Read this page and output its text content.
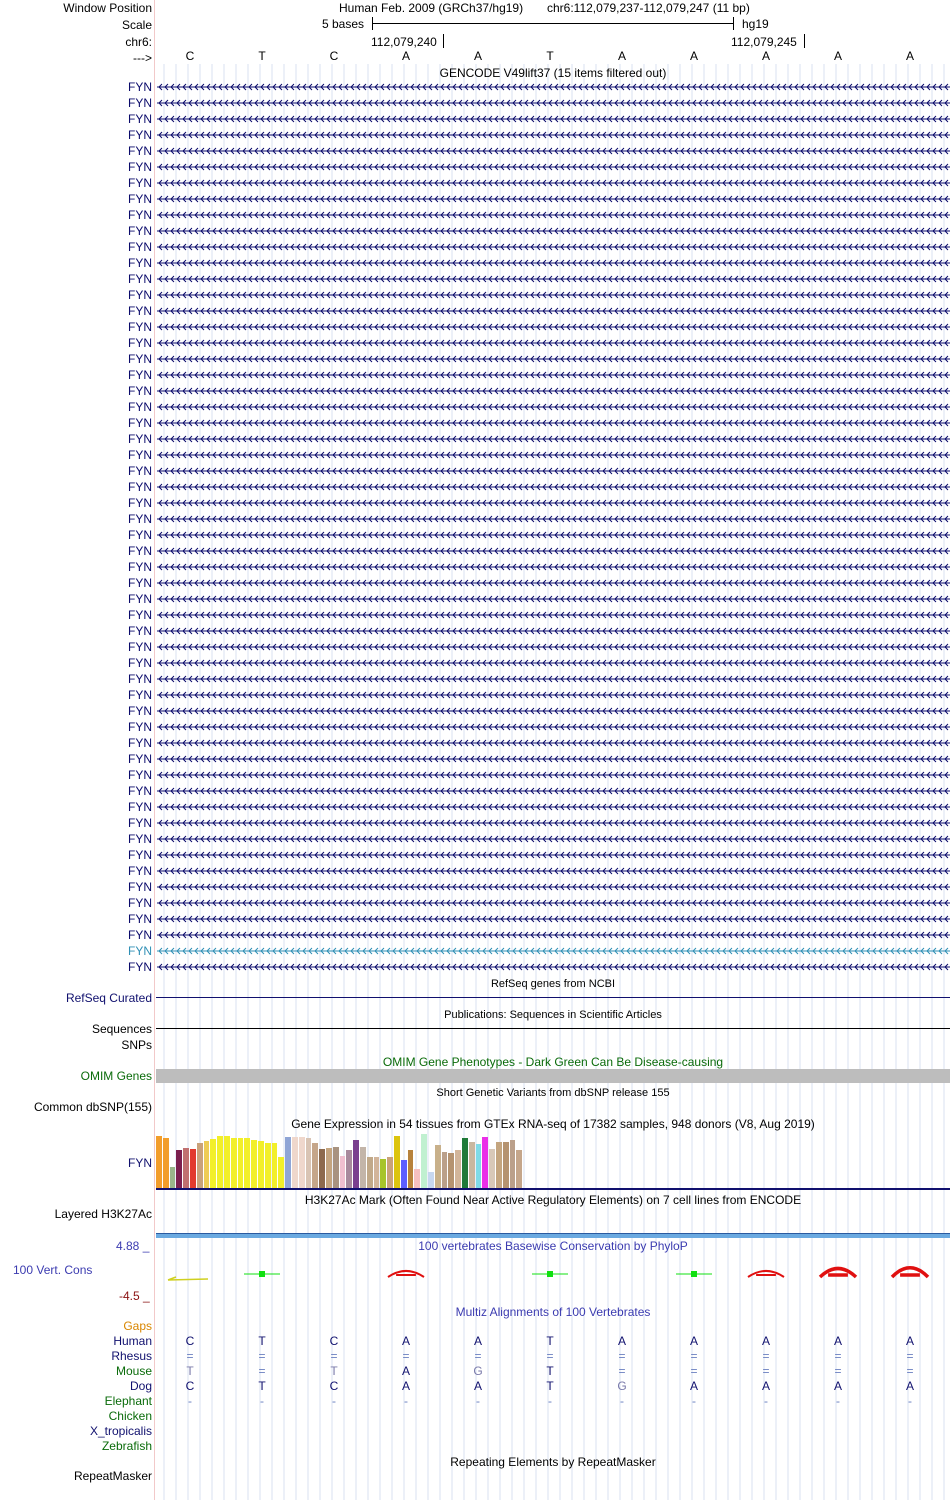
Window Position	Human Feb. 2009 (GRCh37/hg19) chr6:112,079,237-112,079,247 (11 bp)
Scale	5 bases	hg19
chr6:	112,079,240	112,079,245
--->	C	T	C	A	A	T	A	A	A	A	A
GENCODE V49lift37 (15 items filtered out)
FYN
FYN
FYN
FYN
FYN
FYN
FYN
FYN
FYN
FYN
FYN
FYN
FYN
FYN
FYN
FYN
FYN
FYN
FYN
FYN
FYN
FYN
FYN
FYN
FYN
FYN
FYN
FYN
FYN
FYN
FYN
FYN
FYN
FYN
FYN
FYN
FYN
FYN
FYN
FYN
FYN
FYN
FYN
FYN
FYN
FYN
FYN
FYN
FYN
FYN
FYN
FYN
FYN
FYN
FYN
FYN
RefSeq genes from NCBI
RefSeq Curated
Publications: Sequences in Scientific Articles
Sequences
SNPs
OMIM Gene Phenotypes - Dark Green Can Be Disease-causing
OMIM Genes
Short Genetic Variants from dbSNP release 155
Common dbSNP(155)
Gene Expression in 54 tissues from GTEx RNA-seq of 17382 samples, 948 donors (V8, Aug 2019)
FYN
H3K27Ac Mark (Often Found Near Active Regulatory Elements) on 7 cell lines from ENCODE
Layered H3K27Ac
100 vertebrates Basewise Conservation by PhyloP
4.88 _
100 Vert. Cons
-4.5 _
Multiz Alignments of 100 Vertebrates
Gaps
Human	C	T	C	A	A	T	A	A	A	A	A
Rhesus	=	=	=	=	=	=	=	=	=	=	=
Mouse	T	=	T	A	G	T	=	=	=	=	=
Dog	C	T	C	A	A	T	G	A	A	A	A
Elephant	-	-	-	-	-	-	-	-	-	-	-
Chicken
X_tropicalis
Zebrafish
Repeating Elements by RepeatMasker
RepeatMasker
